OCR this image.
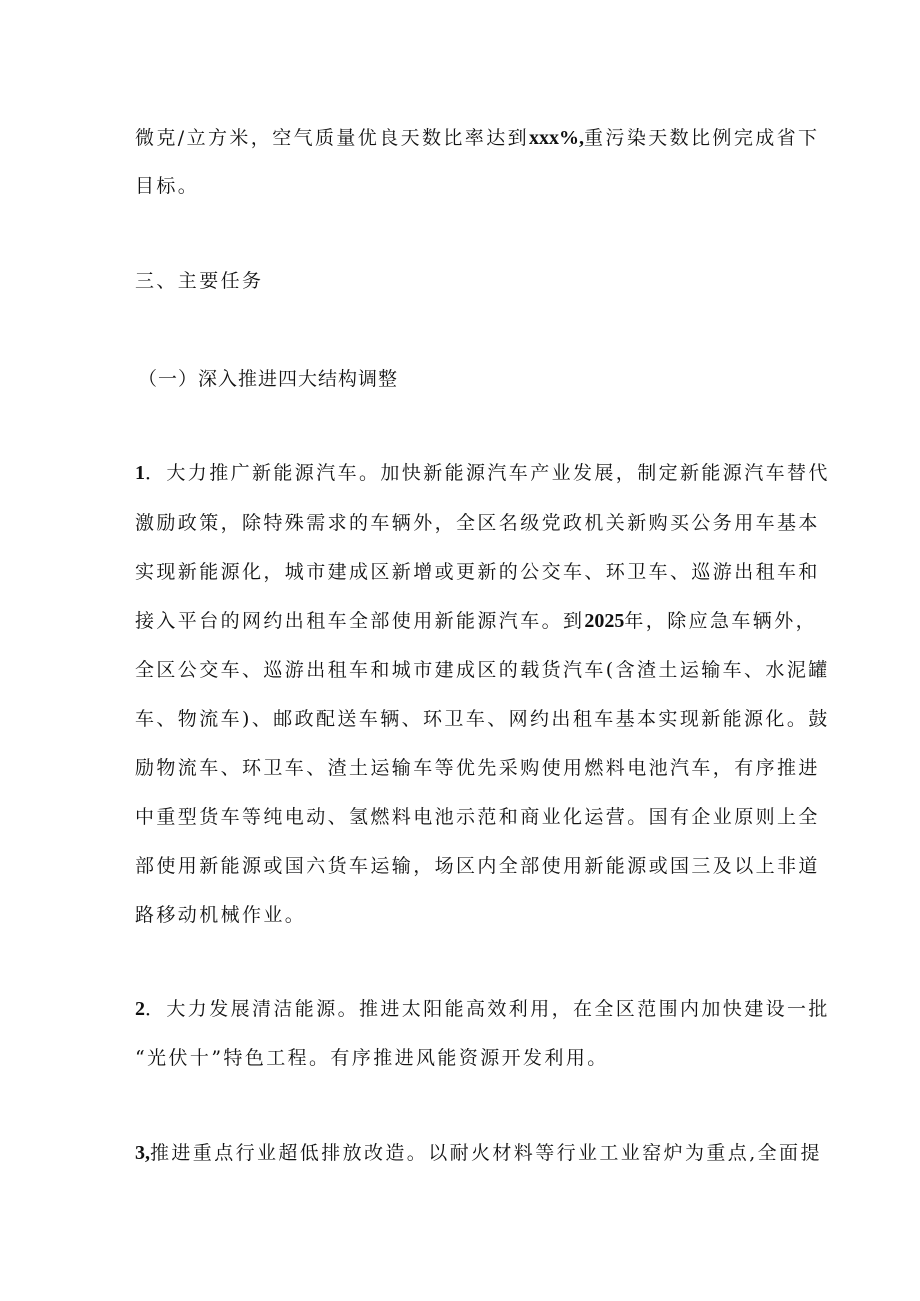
微克/立方米，空气质量优良天数比率达到xxx%,重污染天数比例完成省下
目标。
三、主要任务
（一）深入推进四大结构调整
1．大力推广新能源汽车。加快新能源汽车产业发展，制定新能源汽车替代
激励政策，除特殊需求的车辆外，全区名级党政机关新购买公务用车基本
实现新能源化，城市建成区新增或更新的公交车、环卫车、巡游出租车和
接入平台的网约出租车全部使用新能源汽车。到2025年，除应急车辆外，
全区公交车、巡游出租车和城市建成区的载货汽车(含渣土运输车、水泥罐
车、物流车)、邮政配送车辆、环卫车、网约出租车基本实现新能源化。鼓
励物流车、环卫车、渣土运输车等优先采购使用燃料电池汽车，有序推进
中重型货车等纯电动、氢燃料电池示范和商业化运营。国有企业原则上全
部使用新能源或国六货车运输，场区内全部使用新能源或国三及以上非道
路移动机械作业。
2．大力发展清洁能源。推进太阳能高效利用，在全区范围内加快建设一批
“光伏十”特色工程。有序推进风能资源开发利用。
3,推进重点行业超低排放改造。以耐火材料等行业工业窑炉为重点,全面提
